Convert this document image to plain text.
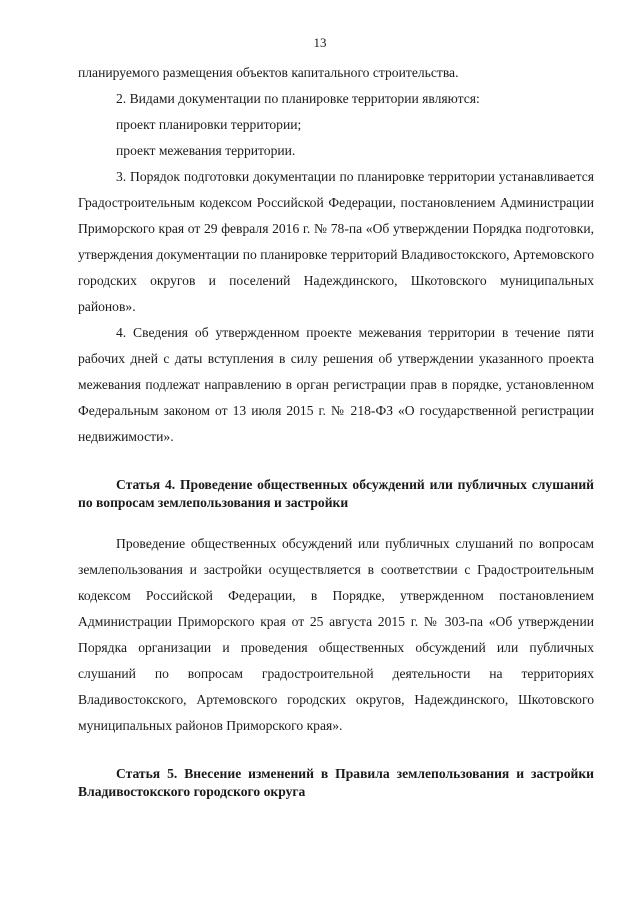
13

планируемого размещения объектов капитального строительства.

2. Видами документации по планировке территории являются:

проект планировки территории;

проект межевания территории.

3. Порядок подготовки документации по планировке территории устанавливается Градостроительным кодексом Российской Федерации, постановлением Администрации Приморского края от 29 февраля 2016 г. № 78-па «Об утверждении Порядка подготовки, утверждения документации по планировке территорий Владивостокского, Артемовского городских округов и поселений Надеждинского, Шкотовского муниципальных районов».

4. Сведения об утвержденном проекте межевания территории в течение пяти рабочих дней с даты вступления в силу решения об утверждении указанного проекта межевания подлежат направлению в орган регистрации прав в порядке, установленном Федеральным законом от 13 июля 2015 г. № 218-ФЗ «О государственной регистрации недвижимости».

Статья 4. Проведение общественных обсуждений или публичных слушаний по вопросам землепользования и застройки

Проведение общественных обсуждений или публичных слушаний по вопросам землепользования и застройки осуществляется в соответствии с Градостроительным кодексом Российской Федерации, в Порядке, утвержденном постановлением Администрации Приморского края от 25 августа 2015 г. № 303-па «Об утверждении Порядка организации и проведения общественных обсуждений или публичных слушаний по вопросам градостроительной деятельности на территориях Владивостокского, Артемовского городских округов, Надеждинского, Шкотовского муниципальных районов Приморского края».

Статья 5. Внесение изменений в Правила землепользования и застройки Владивостокского городского округа
